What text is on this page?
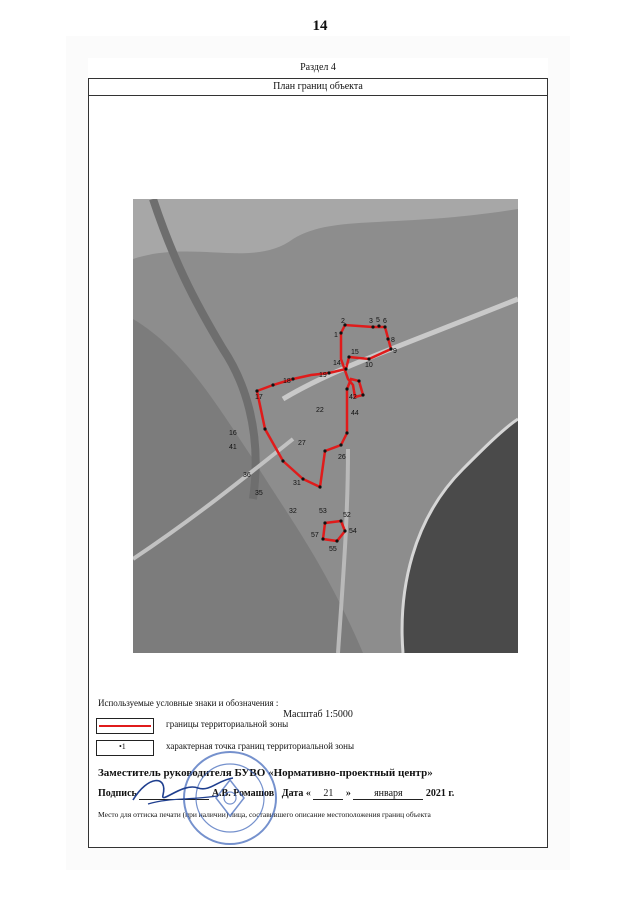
14
Раздел 4
План границ объекта
1
2	3 5 6
8
9
10
15
14
19
18
17
16
41
36
35
32
31
27
26
22
42
44
53
52
54
55
57
Масштаб 1:5000
Используемые условные знаки и обозначения :
границы территориальной зоны
•1	характерная точка границ территориальной зоны
Заместитель руководителя БУВО «Нормативно-проектный центр»
Подпись	А.В. Ромашов Дата « 21 » января 2021 г.
Место для оттиска печати (при наличии) лица, составившего описание местоположения границ объекта
